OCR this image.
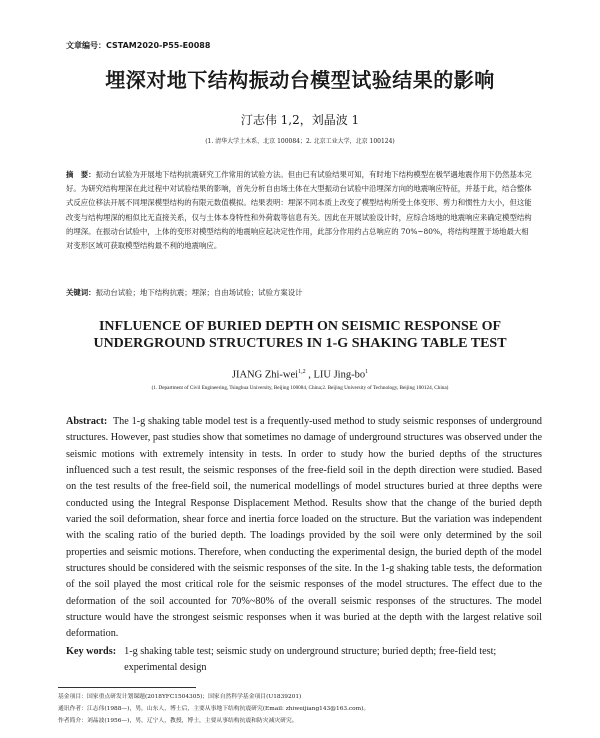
文章编号：CSTAM2020-P55-E0088
埋深对地下结构振动台模型试验结果的影响
汀志伟 1,2，刘晶波 1
(1. 清华大学土木系，北京 100084；2. 北京工业大学，北京 100124)
摘　要：振动台试验为开展地下结构抗震研究工作常用的试验方法。但由已有试验结果可知，有时地下结构模型在极罕遇地震作用下仍然基本完好。为研究结构埋深在此过程中对试验结果的影响，首先分析自由场土体在大型振动台试验中沿埋深方向的地震响应特征，并基于此，结合整体式反应位移法开展不同埋深模型结构的有限元数值模拟。结果表明：埋深不同本质上改变了模型结构所受土体变形、剪力和惯性力大小，但这能改变与结构埋深的相似比无直接关系，仅与土体本身特性和外荷载等信息有关。因此在开展试验设计时，应综合场地的地震响应来确定模型结构的埋深。在振动台试验中，上体的变形对模型结构的地震响应起决定性作用，此部分作用约占总响应的 70%~80%，将结构埋置于场地最大相对变形区域可获取模型结构最不利的地震响应。
关键词：振动台试验；地下结构抗震；埋深；自由场试验；试验方案设计
INFLUENCE OF BURIED DEPTH ON SEISMIC RESPONSE OF
UNDERGROUND STRUCTURES IN 1-G SHAKING TABLE TEST
JIANG Zhi-wei$^{1,2}$ , LIU Jing-$bo^1$
(1. Department of Civil Engineering, Tsinghua University, Beijing 100084, China;2. Beijing University of Technology, Beijing 100124, China)
Abstract: The 1-g shaking table model test is a frequently-used method to study seismic responses of underground structures. However, past studies show that sometimes no damage of underground structures was observed under the seismic motions with extremely intensity in tests. In order to study how the buried depths of the structures influenced such a test result, the seismic responses of the free-field soil in the depth direction were studied. Based on the test results of the free-field soil, the numerical modellings of model structures buried at three depths were conducted using the Integral Response Displacement Method. Results show that the change of the buried depth varied the soil deformation, shear force and inertia force loaded on the structure. But the variation was independent with the scaling ratio of the buried depth. The loadings provided by the soil were only determined by the soil properties and seismic motions. Therefore, when conducting the experimental design, the buried depth of the model structures should be considered with the seismic responses of the site. In the 1-g shaking table tests, the deformation of the soil played the most critical role for the seismic responses of the model structures. The effect due to the deformation of the soil accounted for 70%~80% of the overall seismic responses of the structures. The model structure would have the strongest seismic responses when it was buried at the depth with the largest relative soil deformation.
Key words: 1-g shaking table test; seismic study on underground structure; buried depth; free-field test; experimental design
基金项目：国家重点研发计划课题(2018YFC1504305)；国家自然科学基金项目(U1839201)
通讯作者：江志伟(1988—)，男，山东人，博士后，主要从事地下结构抗震研究(Email: zhiweijiang143@163.com)。
作者简介：刘晶波(1956—)，男，辽宁人，教授，博士，主要从事结构抗震和防灾减灾研究。
